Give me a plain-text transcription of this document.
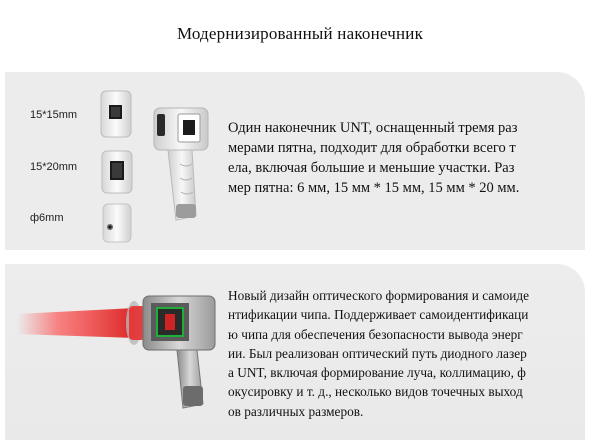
Модернизированный наконечник
15*15mm
15*20mm
ф6mm
Один наконечник UNT, оснащенный тремя раз
мерами пятна, подходит для обработки всего т
ела, включая большие и меньшие участки. Раз
мер пятна: 6 мм, 15 мм * 15 мм, 15 мм * 20 мм.
Новый дизайн оптического формирования и самоиде
нтификации чипа. Поддерживает самоидентификаци
ю чипа для обеспечения безопасности вывода энерг
ии. Был реализован оптический путь диодного лазер
а UNT, включая формирование луча, коллимацию, ф
окусировку и т. д., несколько видов точечных выход
ов различных размеров.
